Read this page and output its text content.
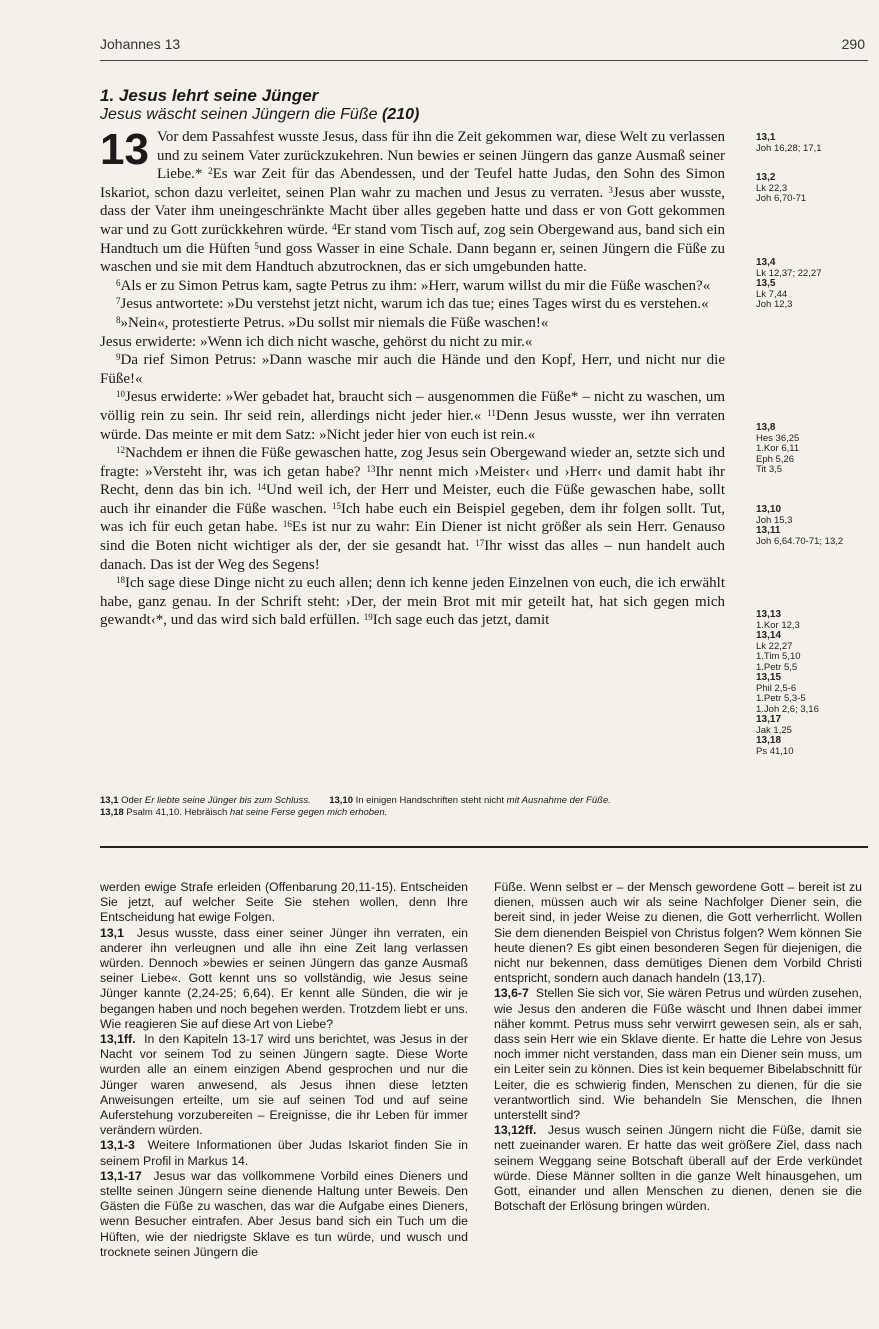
Johannes 13	290
1. Jesus lehrt seine Jünger
Jesus wäscht seinen Jüngern die Füße (210)
13 Vor dem Passahfest wusste Jesus, dass für ihn die Zeit gekommen war, diese Welt zu verlassen und zu seinem Vater zurückzukehren. Nun bewies er seinen Jüngern das ganze Ausmaß seiner Liebe.* $^2$Es war Zeit für das Abendessen, und der Teufel hatte Judas, den Sohn des Simon Iskariot, schon dazu verleitet, seinen Plan wahr zu machen und Jesus zu verraten. $^3$Jesus aber wusste, dass der Vater ihm uneingeschränkte Macht über alles gegeben hatte und dass er von Gott gekommen war und zu Gott zurückkehren würde. $^4$Er stand vom Tisch auf, zog sein Obergewand aus, band sich ein Handtuch um die Hüften $^5$und goss Wasser in eine Schale. Dann begann er, seinen Jüngern die Füße zu waschen und sie mit dem Handtuch abzutrocknen, das er sich umgebunden hatte.

$^6$Als er zu Simon Petrus kam, sagte Petrus zu ihm: »Herr, warum willst du mir die Füße waschen?«

$^7$Jesus antwortete: »Du verstehst jetzt nicht, warum ich das tue; eines Tages wirst du es verstehen.«

$^8$»Nein«, protestierte Petrus. »Du sollst mir niemals die Füße waschen!«
Jesus erwiderte: »Wenn ich dich nicht wasche, gehörst du nicht zu mir.«

$^9$Da rief Simon Petrus: »Dann wasche mir auch die Hände und den Kopf, Herr, und nicht nur die Füße!«

$^{10}$Jesus erwiderte: »Wer gebadet hat, braucht sich – ausgenommen die Füße* – nicht zu waschen, um völlig rein zu sein. Ihr seid rein, allerdings nicht jeder hier.« $^{11}$Denn Jesus wusste, wer ihn verraten würde. Das meinte er mit dem Satz: »Nicht jeder hier von euch ist rein.«

$^{12}$Nachdem er ihnen die Füße gewaschen hatte, zog Jesus sein Obergewand wieder an, setzte sich und fragte: »Versteht ihr, was ich getan habe? $^{13}$Ihr nennt mich ›Meister‹ und ›Herr‹ und damit habt ihr Recht, denn das bin ich. $^{14}$Und weil ich, der Herr und Meister, euch die Füße gewaschen habe, sollt auch ihr einander die Füße waschen. $^{15}$Ich habe euch ein Beispiel gegeben, dem ihr folgen sollt. Tut, was ich für euch getan habe. $^{16}$Es ist nur zu wahr: Ein Diener ist nicht größer als sein Herr. Genauso sind die Boten nicht wichtiger als der, der sie gesandt hat. $^{17}$Ihr wisst das alles – nun handelt auch danach. Das ist der Weg des Segens!

$^{18}$Ich sage diese Dinge nicht zu euch allen; denn ich kenne jeden Einzelnen von euch, die ich erwählt habe, ganz genau. In der Schrift steht: ›Der, der mein Brot mit mir geteilt hat, hat sich gegen mich gewandt‹*, und das wird sich bald erfüllen. $^{19}$Ich sage euch das jetzt, damit

13,1
Joh 16,28; 17,1
13,2
Lk 22,3
Joh 6,70-71
13,4
Lk 12,37; 22,27
13,5
Lk 7,44
Joh 12,3
13,8
Hes 36,25
1.Kor 6,11
Eph 5,26
Tit 3,5
13,10
Joh 15,3
13,11
Joh 6,64.70-71; 13,2
13,13
1.Kor 12,3
13,14
Lk 22,27
1.Tim 5,10
1.Petr 5,5
13,15
Phil 2,5-6
1.Petr 5,3-5
1.Joh 2,6; 3,16
13,17
Jak 1,25
13,18
Ps 41,10
13,1 Oder Er liebte seine Jünger bis zum Schluss. 13,10 In einigen Handschriften steht nicht mit Ausnahme der Füße.
13,18 Psalm 41,10. Hebräisch hat seine Ferse gegen mich erhoben.

werden ewige Strafe erleiden (Offenbarung 20,11-15). Entscheiden Sie jetzt, auf welcher Seite Sie stehen wollen, denn Ihre Entscheidung hat ewige Folgen.

13,1  Jesus wusste, dass einer seiner Jünger ihn verraten, ein anderer ihn verleugnen und alle ihn eine Zeit lang verlassen würden. Dennoch »bewies er seinen Jüngern das ganze Ausmaß seiner Liebe«. Gott kennt uns so vollständig, wie Jesus seine Jünger kannte (2,24-25; 6,64). Er kennt alle Sünden, die wir je begangen haben und noch begehen werden. Trotzdem liebt er uns. Wie reagieren Sie auf diese Art von Liebe?

13,1ff.  In den Kapiteln 13-17 wird uns berichtet, was Jesus in der Nacht vor seinem Tod zu seinen Jüngern sagte. Diese Worte wurden alle an einem einzigen Abend gesprochen und nur die Jünger waren anwesend, als Jesus ihnen diese letzten Anweisungen erteilte, um sie auf seinen Tod und auf seine Auferstehung vorzubereiten – Ereignisse, die ihr Leben für immer verändern würden.

13,1-3  Weitere Informationen über Judas Iskariot finden Sie in seinem Profil in Markus 14.

13,1-17  Jesus war das vollkommene Vorbild eines Dieners und stellte seinen Jüngern seine dienende Haltung unter Beweis. Den Gästen die Füße zu waschen, das war die Aufgabe eines Dieners, wenn Besucher eintrafen. Aber Jesus band sich ein Tuch um die Hüften, wie der niedrigste Sklave es tun würde, und wusch und trocknete seinen Jüngern die

Füße. Wenn selbst er – der Mensch gewordene Gott – bereit ist zu dienen, müssen auch wir als seine Nachfolger Diener sein, die bereit sind, in jeder Weise zu dienen, die Gott verherrlicht. Wollen Sie dem dienenden Beispiel von Christus folgen? Wem können Sie heute dienen? Es gibt einen besonderen Segen für diejenigen, die nicht nur bekennen, dass demütiges Dienen dem Vorbild Christi entspricht, sondern auch danach handeln (13,17).

13,6-7  Stellen Sie sich vor, Sie wären Petrus und würden zusehen, wie Jesus den anderen die Füße wäscht und Ihnen dabei immer näher kommt. Petrus muss sehr verwirrt gewesen sein, als er sah, dass sein Herr wie ein Sklave diente. Er hatte die Lehre von Jesus noch immer nicht verstanden, dass man ein Diener sein muss, um ein Leiter sein zu können. Dies ist kein bequemer Bibelabschnitt für Leiter, die es schwierig finden, Menschen zu dienen, für die sie verantwortlich sind. Wie behandeln Sie Menschen, die Ihnen unterstellt sind?

13,12ff.  Jesus wusch seinen Jüngern nicht die Füße, damit sie nett zueinander waren. Er hatte das weit größere Ziel, dass nach seinem Weggang seine Botschaft überall auf der Erde verkündet würde. Diese Männer sollten in die ganze Welt hinausgehen, um Gott, einander und allen Menschen zu dienen, denen sie die Botschaft der Erlösung bringen würden.
